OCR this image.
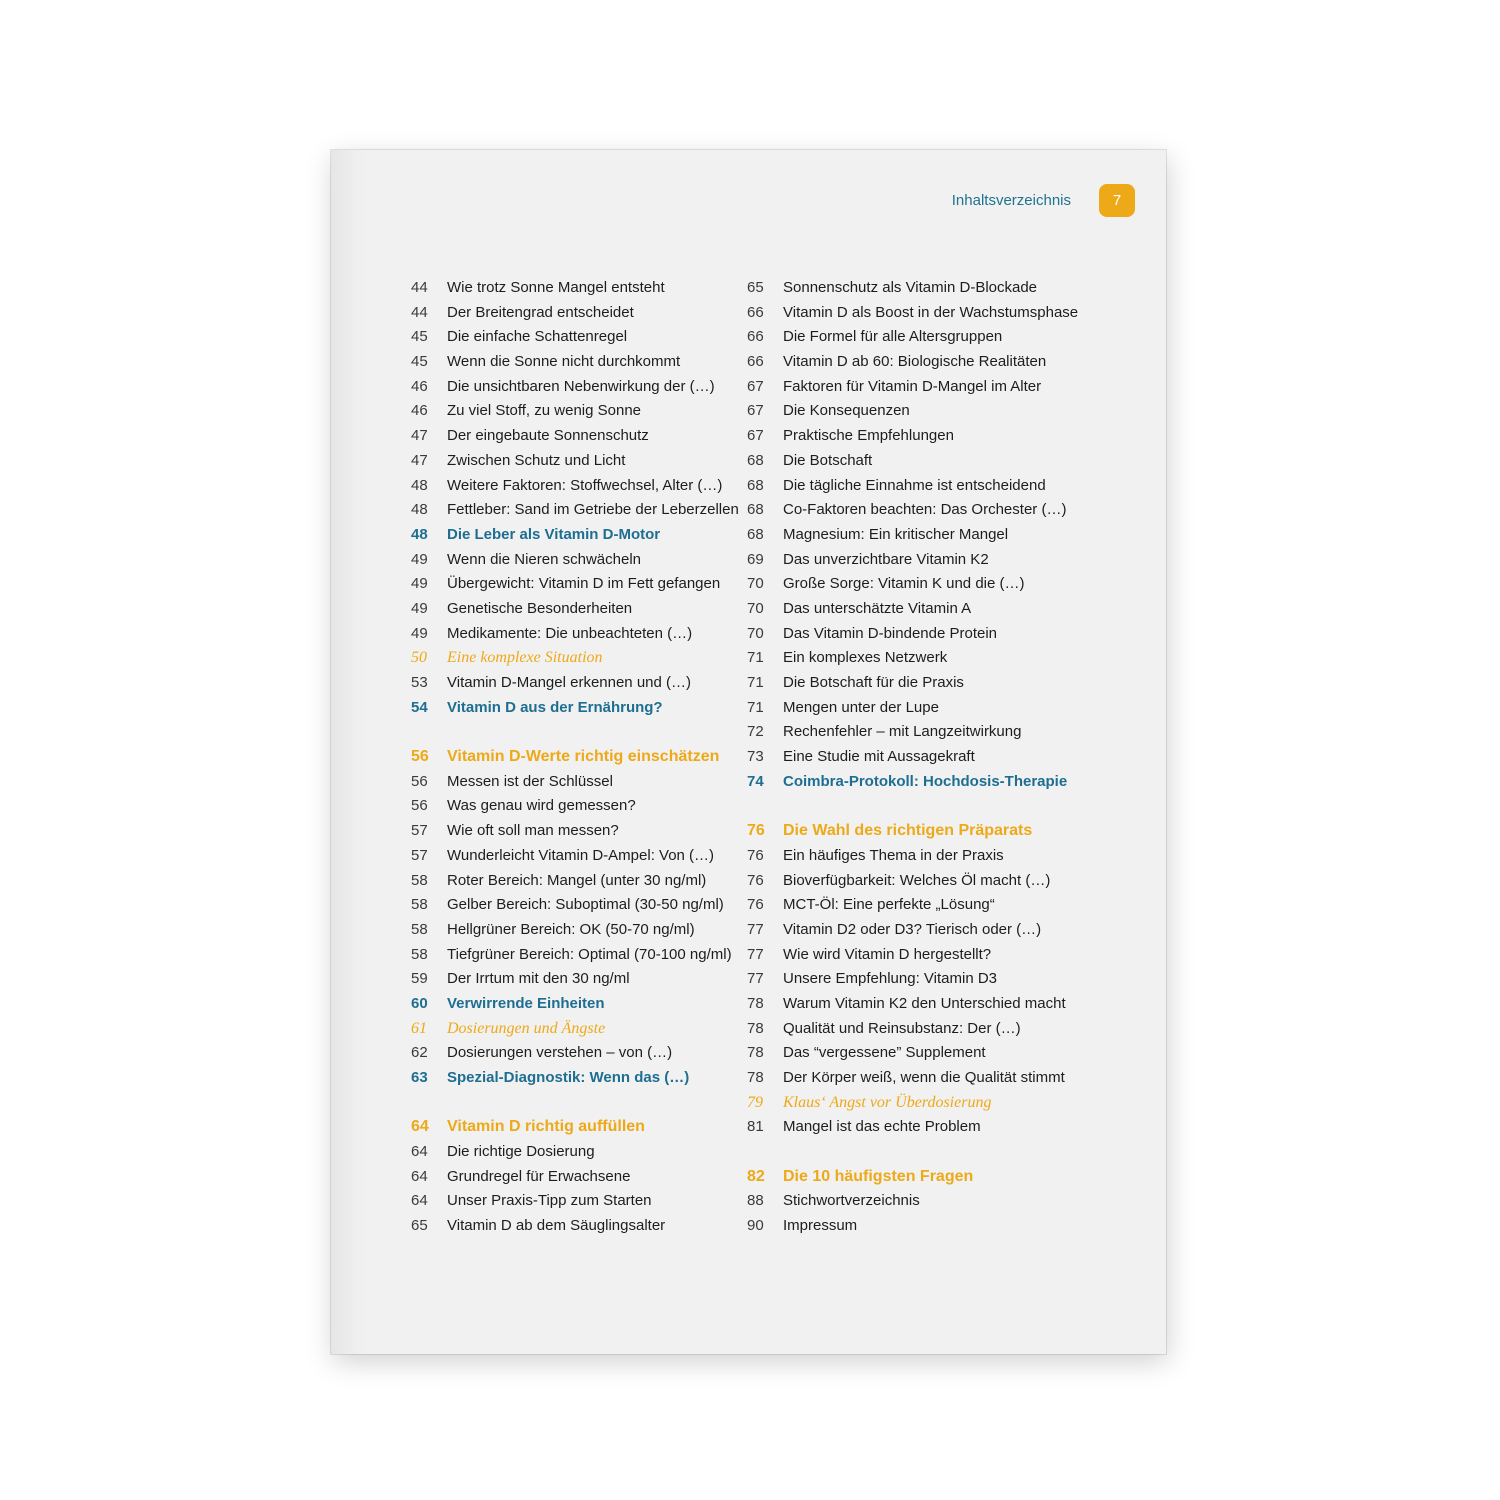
Inhaltsverzeichnis	7
44	Wie trotz Sonne Mangel entsteht
44	Der Breitengrad entscheidet
45	Die einfache Schattenregel
45	Wenn die Sonne nicht durchkommt
46	Die unsichtbaren Nebenwirkung der (…)
46	Zu viel Stoff, zu wenig Sonne
47	Der eingebaute Sonnenschutz
47	Zwischen Schutz und Licht
48	Weitere Faktoren: Stoffwechsel, Alter (…)
48	Fettleber: Sand im Getriebe der Leberzellen
48	Die Leber als Vitamin D-Motor
49	Wenn die Nieren schwächeln
49	Übergewicht: Vitamin D im Fett gefangen
49	Genetische Besonderheiten
49	Medikamente: Die unbeachteten (…)
50	Eine komplexe Situation
53	Vitamin D-Mangel erkennen und (…)
54	Vitamin D aus der Ernährung?
56	Vitamin D-Werte richtig einschätzen
56	Messen ist der Schlüssel
56	Was genau wird gemessen?
57	Wie oft soll man messen?
57	Wunderleicht Vitamin D-Ampel: Von (…)
58	Roter Bereich: Mangel (unter 30 ng/ml)
58	Gelber Bereich: Suboptimal (30-50 ng/ml)
58	Hellgrüner Bereich: OK (50-70 ng/ml)
58	Tiefgrüner Bereich: Optimal (70-100 ng/ml)
59	Der Irrtum mit den 30 ng/ml
60	Verwirrende Einheiten
61	Dosierungen und Ängste
62	Dosierungen verstehen – von (…)
63	Spezial-Diagnostik: Wenn das (…)
64	Vitamin D richtig auffüllen
64	Die richtige Dosierung
64	Grundregel für Erwachsene
64	Unser Praxis-Tipp zum Starten
65	Vitamin D ab dem Säuglingsalter
65	Sonnenschutz als Vitamin D-Blockade
66	Vitamin D als Boost in der Wachstumsphase
66	Die Formel für alle Altersgruppen
66	Vitamin D ab 60: Biologische Realitäten
67	Faktoren für Vitamin D-Mangel im Alter
67	Die Konsequenzen
67	Praktische Empfehlungen
68	Die Botschaft
68	Die tägliche Einnahme ist entscheidend
68	Co-Faktoren beachten: Das Orchester (…)
68	Magnesium: Ein kritischer Mangel
69	Das unverzichtbare Vitamin K2
70	Große Sorge: Vitamin K und die (…)
70	Das unterschätzte Vitamin A
70	Das Vitamin D-bindende Protein
71	Ein komplexes Netzwerk
71	Die Botschaft für die Praxis
71	Mengen unter der Lupe
72	Rechenfehler – mit Langzeitwirkung
73	Eine Studie mit Aussagekraft
74	Coimbra-Protokoll: Hochdosis-Therapie
76	Die Wahl des richtigen Präparats
76	Ein häufiges Thema in der Praxis
76	Bioverfügbarkeit: Welches Öl macht (…)
76	MCT-Öl: Eine perfekte „Lösung“
77	Vitamin D2 oder D3? Tierisch oder (…)
77	Wie wird Vitamin D hergestellt?
77	Unsere Empfehlung: Vitamin D3
78	Warum Vitamin K2 den Unterschied macht
78	Qualität und Reinsubstanz: Der (…)
78	Das “vergessene” Supplement
78	Der Körper weiß, wenn die Qualität stimmt
79	Klaus‘ Angst vor Überdosierung
81	Mangel ist das echte Problem
82	Die 10 häufigsten Fragen
88	Stichwortverzeichnis
90	Impressum
